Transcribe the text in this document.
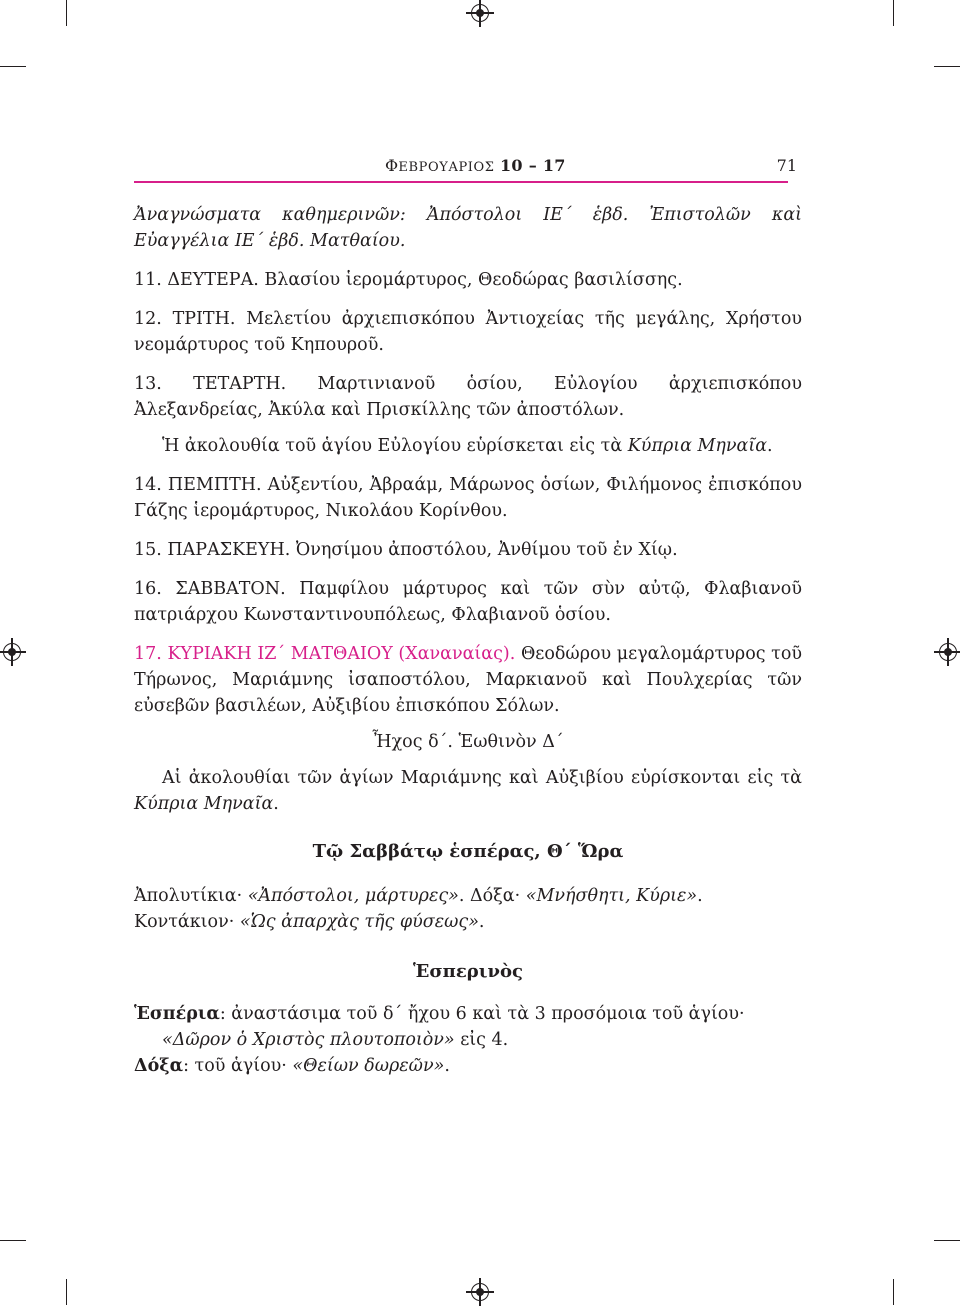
ΦΕΒΡΟΥΑΡΙΟΣ 10 – 17	71

Ἀναγνώσματα καθημερινῶν: Ἀπόστολοι ΙΕ΄ ἑβδ. Ἐπιστολῶν καὶ Εὐαγγέλια ΙΕ΄ ἑβδ. Ματθαίου.

11. ΔΕΥΤΕΡΑ. Βλασίου ἱερομάρτυρος, Θεοδώρας βασιλίσσης.

12. ΤΡΙΤΗ. Μελετίου ἀρχιεπισκόπου Ἀντιοχείας τῆς μεγάλης, Χρήστου νεομάρτυρος τοῦ Κηπουροῦ.

13. ΤΕΤΑΡΤΗ. Μαρτινιανοῦ ὁσίου, Εὐλογίου ἀρχιεπισκόπου Ἀλεξανδρείας, Ἀκύλα καὶ Πρισκίλλης τῶν ἀποστόλων.

Ἡ ἀκολουθία τοῦ ἁγίου Εὐλογίου εὑρίσκεται εἰς τὰ Κύπρια Μηναῖα.

14. ΠΕΜΠΤΗ. Αὐξεντίου, Ἀβραάμ, Μάρωνος ὁσίων, Φιλήμονος ἐπισκόπου Γάζης ἱερομάρτυρος, Νικολάου Κορίνθου.

15. ΠΑΡΑΣΚΕΥΗ. Ὀνησίμου ἀποστόλου, Ἀνθίμου τοῦ ἐν Χίῳ.

16. ΣΑΒΒΑΤΟΝ. Παμφίλου μάρτυρος καὶ τῶν σὺν αὐτῷ, Φλαβιανοῦ πατριάρχου Κωνσταντινουπόλεως, Φλαβιανοῦ ὁσίου.

17. ΚΥΡΙΑΚΗ ΙΖ΄ ΜΑΤΘΑΙΟΥ (Χαναναίας). Θεοδώρου μεγαλομάρτυρος τοῦ Τήρωνος, Μαριάμνης ἰσαποστόλου, Μαρκιανοῦ καὶ Πουλχερίας τῶν εὐσεβῶν βασιλέων, Αὐξιβίου ἐπισκόπου Σόλων.

Ἦχος δ΄. Ἑωθινὸν Δ΄

Αἱ ἀκολουθίαι τῶν ἁγίων Μαριάμνης καὶ Αὐξιβίου εὑρίσκονται εἰς τὰ Κύπρια Μηναῖα.

Τῷ Σαββάτῳ ἑσπέρας, Θ΄ Ὥρα

Ἀπολυτίκια· «Ἀπόστολοι, μάρτυρες». Δόξα· «Μνήσθητι, Κύριε».

Κοντάκιον· «Ὡς ἀπαρχὰς τῆς φύσεως».

Ἑσπερινὸς

Ἑσπέρια: ἀναστάσιμα τοῦ δ΄ ἤχου 6 καὶ τὰ 3 προσόμοια τοῦ ἁγίου·

«Δῶρον ὁ Χριστὸς πλουτοποιὸν» εἰς 4.

Δόξα: τοῦ ἁγίου· «Θείων δωρεῶν».
